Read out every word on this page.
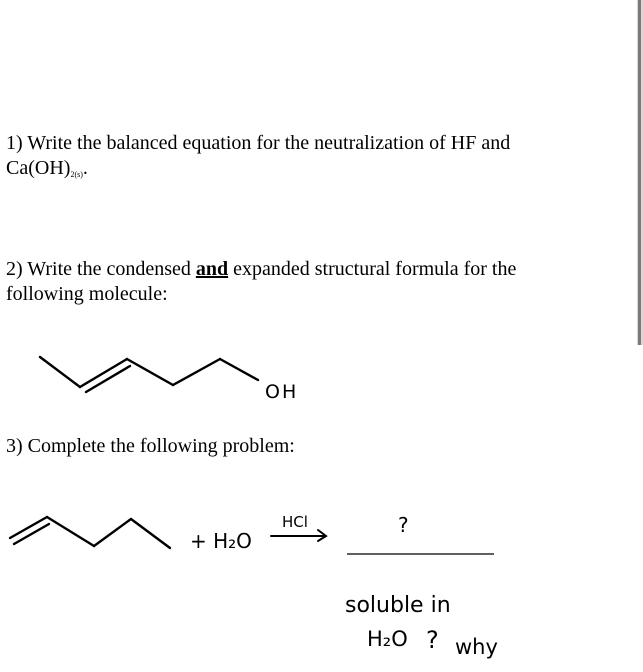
1) Write the balanced equation for the neutralization of HF and
Ca(OH)2(s).

2) Write the condensed and expanded structural formula for the
following molecule:

3) Complete the following problem:

OH
+ H₂O
HCl	?
soluble in
H₂O ? why
